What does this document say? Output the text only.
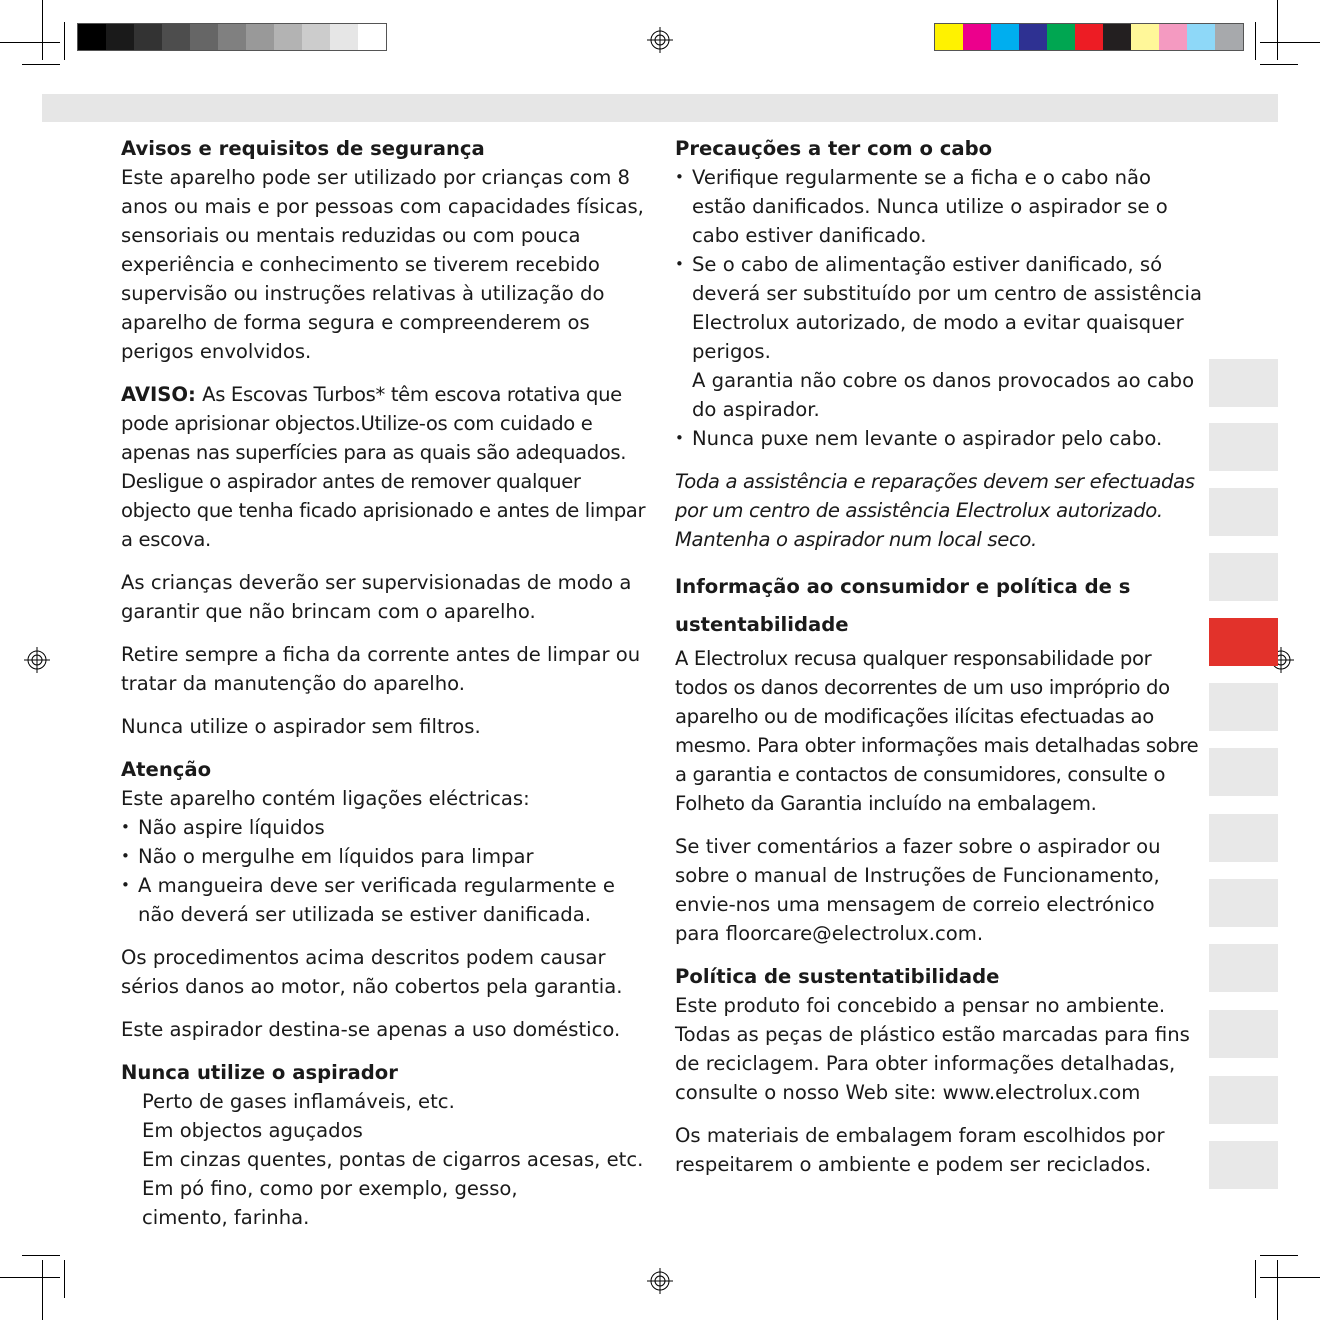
Avisos e requisitos de segurança

Este aparelho pode ser utilizado por crianças com 8 anos ou mais e por pessoas com capacidades físicas, sensoriais ou mentais reduzidas ou com pouca experiência e conhecimento se tiverem recebido supervisão ou instruções relativas à utilização do aparelho de forma segura e compreenderem os perigos envolvidos.

AVISO: As Escovas Turbos* têm escova rotativa que pode aprisionar objectos.Utilize-os com cuidado e apenas nas superfícies para as quais são adequados. Desligue o aspirador antes de remover qualquer objecto que tenha ficado aprisionado e antes de limpar a escova.

As crianças deverão ser supervisionadas de modo a garantir que não brincam com o aparelho.

Retire sempre a ficha da corrente antes de limpar ou tratar da manutenção do aparelho.

Nunca utilize o aspirador sem filtros.

Atenção
Este aparelho contém ligações eléctricas:
• Não aspire líquidos
• Não o mergulhe em líquidos para limpar
• A mangueira deve ser verificada regularmente e não deverá ser utilizada se estiver danificada.

Os procedimentos acima descritos podem causar sérios danos ao motor, não cobertos pela garantia.

Este aspirador destina-se apenas a uso doméstico.

Nunca utilize o aspirador
Perto de gases inflamáveis, etc.
Em objectos aguçados
Em cinzas quentes, pontas de cigarros acesas, etc.
Em pó fino, como por exemplo, gesso, cimento, farinha.
Precauções a ter com o cabo
• Verifique regularmente se a ficha e o cabo não estão danificados. Nunca utilize o aspirador se o cabo estiver danificado.
• Se o cabo de alimentação estiver danificado, só deverá ser substituído por um centro de assistência Electrolux autorizado, de modo a evitar quaisquer perigos.
A garantia não cobre os danos provocados ao cabo do aspirador.
• Nunca puxe nem levante o aspirador pelo cabo.

Toda a assistência e reparações devem ser efectuadas por um centro de assistência Electrolux autorizado. Mantenha o aspirador num local seco.

Informação ao consumidor e política de s ustentabilidade

A Electrolux recusa qualquer responsabilidade por todos os danos decorrentes de um uso impróprio do aparelho ou de modificações ilícitas efectuadas ao mesmo. Para obter informações mais detalhadas sobre a garantia e contactos de consumidores, consulte o Folheto da Garantia incluído na embalagem.

Se tiver comentários a fazer sobre o aspirador ou sobre o manual de Instruções de Funcionamento, envie-nos uma mensagem de correio electrónico para floorcare@electrolux.com.

Política de sustentatibilidade

Este produto foi concebido a pensar no ambiente. Todas as peças de plástico estão marcadas para fins de reciclagem. Para obter informações detalhadas, consulte o nosso Web site: www.electrolux.com

Os materiais de embalagem foram escolhidos por respeitarem o ambiente e podem ser reciclados.
